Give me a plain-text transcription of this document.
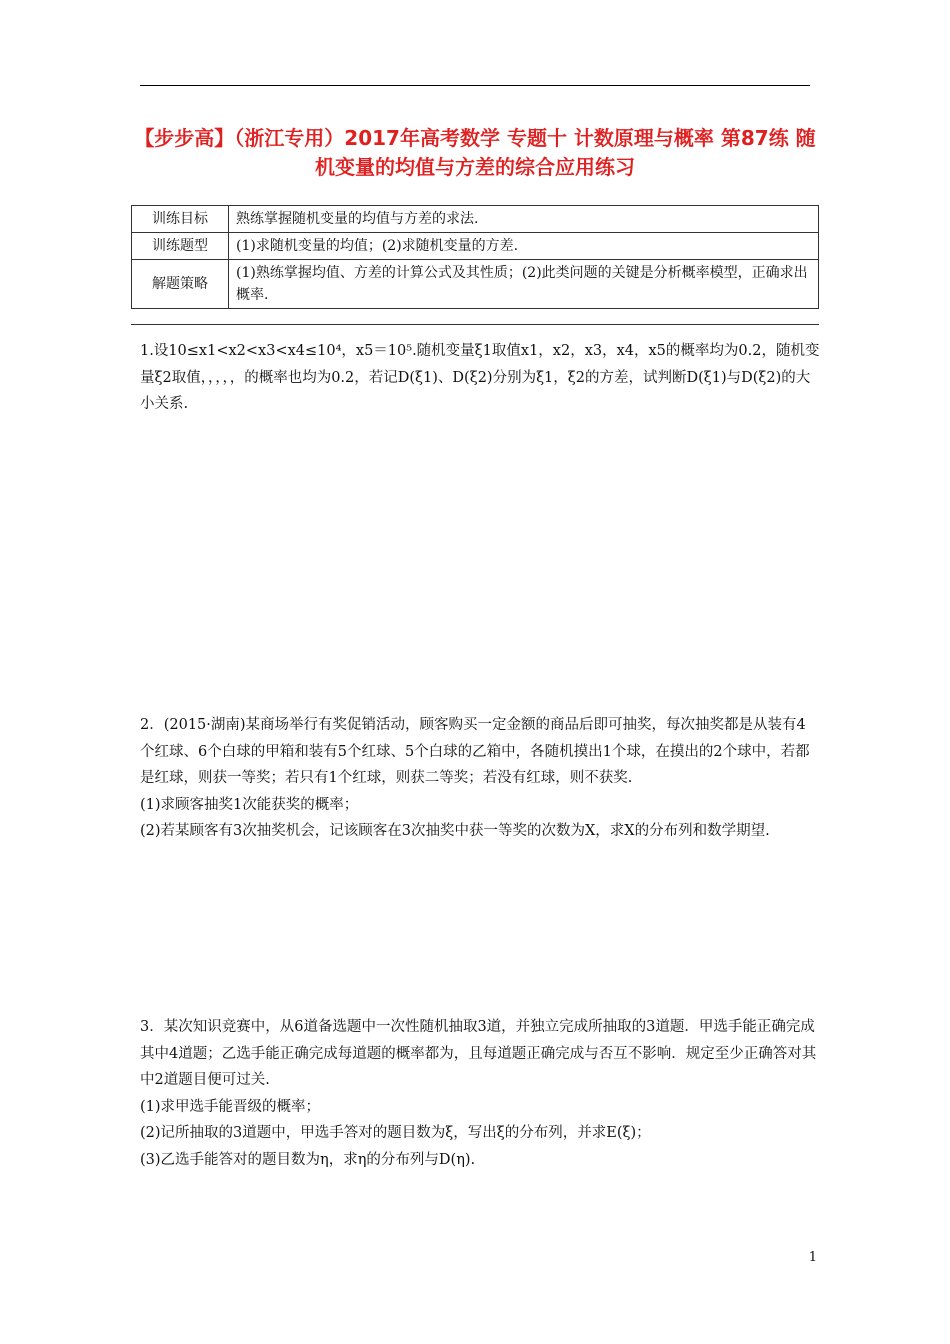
【步步高】（浙江专用）2017年高考数学 专题十 计数原理与概率 第87练 随机变量的均值与方差的综合应用练习
训练目标	熟练掌握随机变量的均值与方差的求法.
训练题型	(1)求随机变量的均值；(2)求随机变量的方差.
解题策略	(1)熟练掌握均值、方差的计算公式及其性质；(2)此类问题的关键是分析概率模型，正确求出概率.

1.设10≤x1<x2<x3<x4≤10⁴，x5＝10⁵.随机变量ξ1取值x1，x2，x3，x4，x5的概率均为0.2，随机变量ξ2取值，，，，，的概率也均为0.2，若记D(ξ1)、D(ξ2)分别为ξ1，ξ2的方差，试判断D(ξ1)与D(ξ2)的大小关系.

2．(2015·湖南)某商场举行有奖促销活动，顾客购买一定金额的商品后即可抽奖，每次抽奖都是从装有4个红球、6个白球的甲箱和装有5个红球、5个白球的乙箱中，各随机摸出1个球，在摸出的2个球中，若都是红球，则获一等奖；若只有1个红球，则获二等奖；若没有红球，则不获奖.

(1)求顾客抽奖1次能获奖的概率；

(2)若某顾客有3次抽奖机会，记该顾客在3次抽奖中获一等奖的次数为X，求X的分布列和数学期望.

3．某次知识竞赛中，从6道备选题中一次性随机抽取3道，并独立完成所抽取的3道题．甲选手能正确完成其中4道题；乙选手能正确完成每道题的概率都为，且每道题正确完成与否互不影响．规定至少正确答对其中2道题目便可过关.

(1)求甲选手能晋级的概率；

(2)记所抽取的3道题中，甲选手答对的题目数为ξ，写出ξ的分布列，并求E(ξ)；

(3)乙选手能答对的题目数为η，求η的分布列与D(η).

1
